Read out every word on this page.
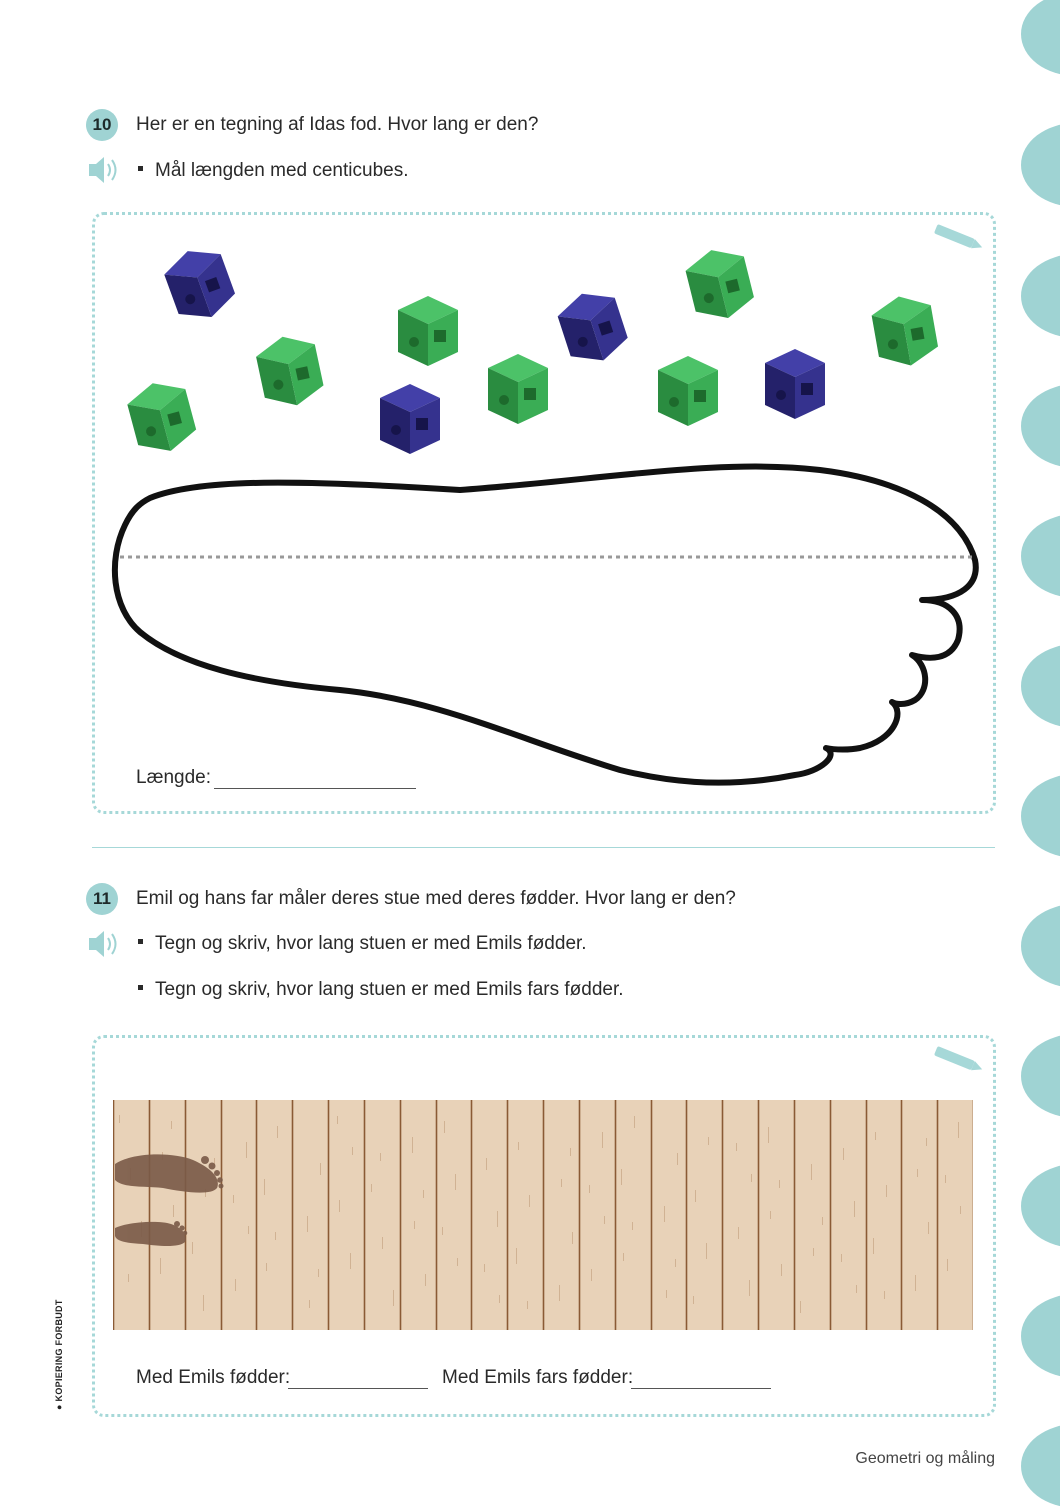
10	Her er en tegning af Idas fod. Hvor lang er den?
Mål længden med centicubes.
Længde:
11	Emil og hans far måler deres stue med deres fødder. Hvor lang er den?
Tegn og skriv, hvor lang stuen er med Emils fødder.
Tegn og skriv, hvor lang stuen er med Emils fars fødder.
Med Emils fødder:	Med Emils fars fødder:
● KOPIERING FORBUDT
Geometri og måling
